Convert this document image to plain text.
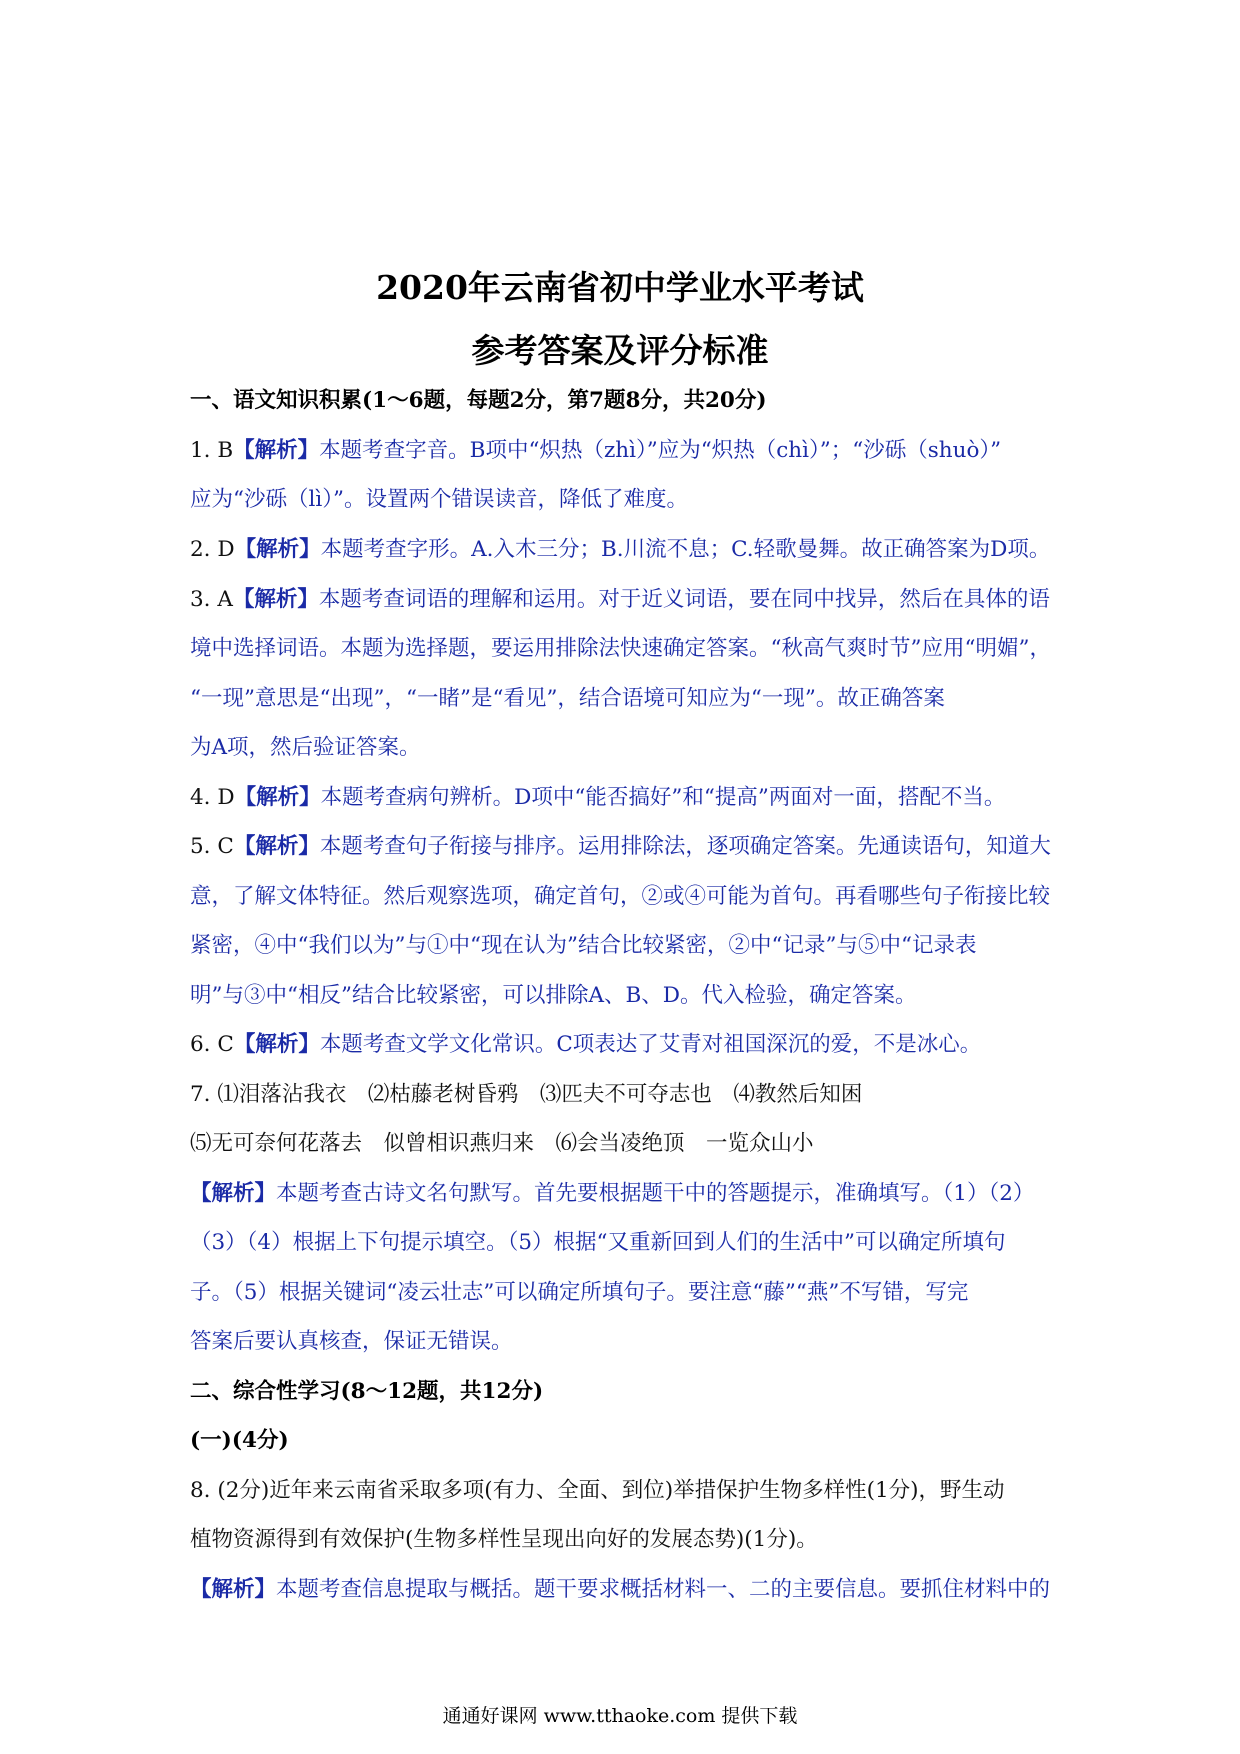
2020年云南省初中学业水平考试
参考答案及评分标准
一、语文知识积累(1～6题，每题2分，第7题8分，共20分)
1. B【解析】本题考查字音。B项中“炽热（zhì）”应为“炽热（chì）”；“沙砾（shuò）”
应为“沙砾（lì）”。设置两个错误读音，降低了难度。
2. D【解析】本题考查字形。A.入木三分；B.川流不息；C.轻歌曼舞。故正确答案为D项。
3. A【解析】本题考查词语的理解和运用。对于近义词语，要在同中找异，然后在具体的语
境中选择词语。本题为选择题，要运用排除法快速确定答案。“秋高气爽时节”应用“明媚”，
“一现”意思是“出现”，“一睹”是“看见”，结合语境可知应为“一现”。故正确答案
为A项，然后验证答案。
4. D【解析】本题考查病句辨析。D项中“能否搞好”和“提高”两面对一面，搭配不当。
5. C【解析】本题考查句子衔接与排序。运用排除法，逐项确定答案。先通读语句，知道大
意，了解文体特征。然后观察选项，确定首句，②或④可能为首句。再看哪些句子衔接比较
紧密，④中“我们以为”与①中“现在认为”结合比较紧密，②中“记录”与⑤中“记录表
明”与③中“相反”结合比较紧密，可以排除A、B、D。代入检验，确定答案。
6. C【解析】本题考查文学文化常识。C项表达了艾青对祖国深沉的爱，不是冰心。
7. ⑴泪落沾我衣　⑵枯藤老树昏鸦　⑶匹夫不可夺志也　⑷教然后知困
⑸无可奈何花落去　似曾相识燕归来　⑹会当凌绝顶　一览众山小
【解析】本题考查古诗文名句默写。首先要根据题干中的答题提示，准确填写。（1）（2）
（3）（4）根据上下句提示填空。（5）根据“又重新回到人们的生活中”可以确定所填句
子。（5）根据关键词“凌云壮志”可以确定所填句子。要注意“藤”“燕”不写错，写完
答案后要认真核查，保证无错误。
二、综合性学习(8～12题，共12分)
(一)(4分)
8. (2分)近年来云南省采取多项(有力、全面、到位)举措保护生物多样性(1分)，野生动
植物资源得到有效保护(生物多样性呈现出向好的发展态势)(1分)。
【解析】本题考查信息提取与概括。题干要求概括材料一、二的主要信息。要抓住材料中的
通通好课网 www.tthaoke.com 提供下载
